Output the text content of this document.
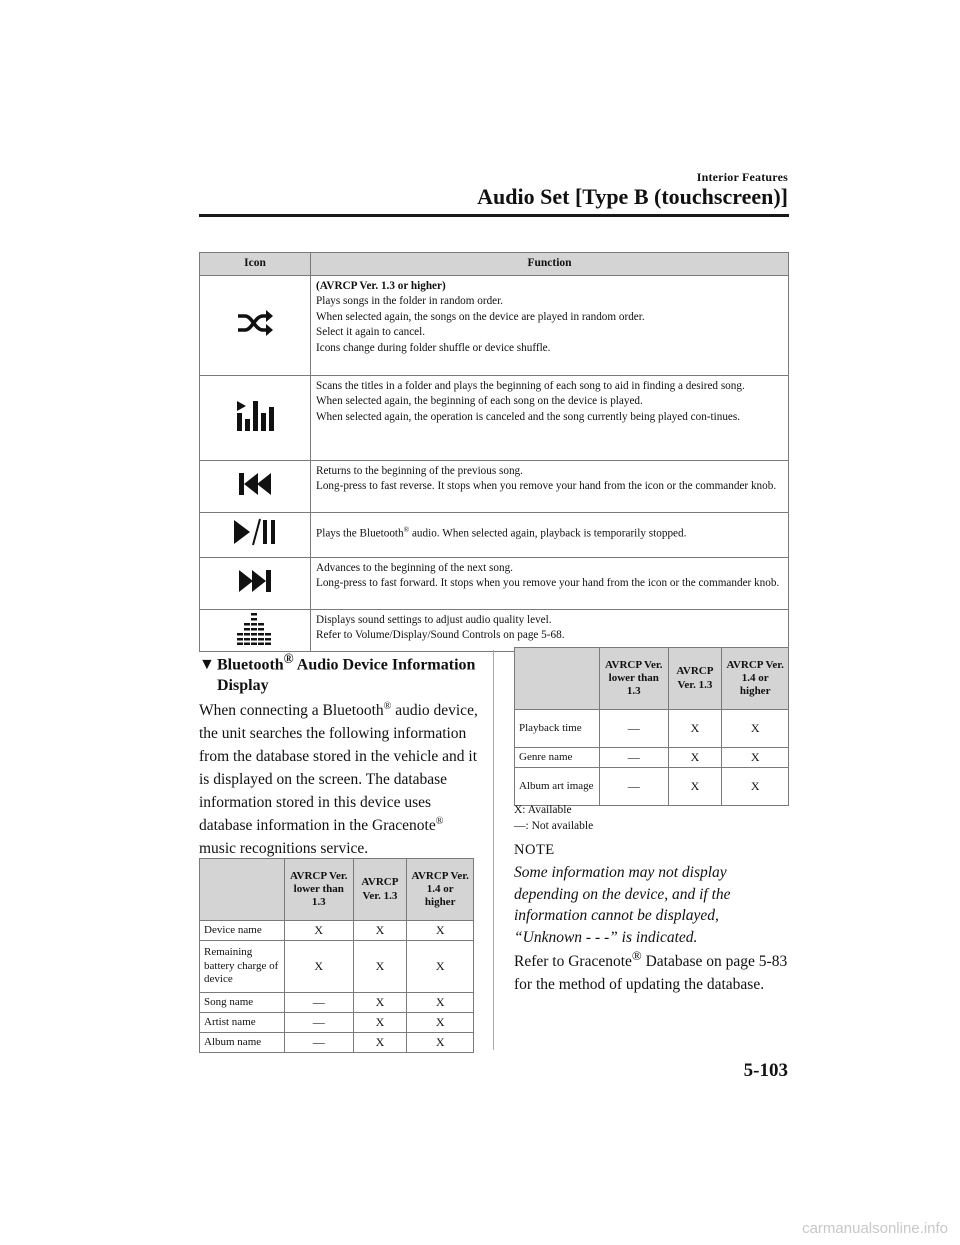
Interior Features
Audio Set [Type B (touchscreen)]
Icon	Function

(AVRCP Ver. 1.3 or higher)
Plays songs in the folder in random order.
When selected again, the songs on the device are played in random order.
Select it again to cancel.
Icons change during folder shuffle or device shuffle.

Scans the titles in a folder and plays the beginning of each song to aid in finding a desired song.
When selected again, the beginning of each song on the device is played.
When selected again, the operation is canceled and the song currently being played con-tinues.

Returns to the beginning of the previous song.
Long-press to fast reverse. It stops when you remove your hand from the icon or the commander knob.

	Plays the Bluetooth® audio. When selected again, playback is temporarily stopped.

Advances to the beginning of the next song.
Long-press to fast forward. It stops when you remove your hand from the icon or the commander knob.

Displays sound settings to adjust audio quality level.
Refer to Volume/Display/Sound Controls on page 5-68.
▼ Bluetooth® Audio Device Information Display

When connecting a Bluetooth® audio device, the unit searches the following information from the database stored in the vehicle and it is displayed on the screen. The database information stored in this device uses database information in the Gracenote® music recognitions service.

	AVRCP Ver. lower than 1.3	AVRCP Ver. 1.3	AVRCP Ver. 1.4 or higher
Device name	X	X	X
Remaining battery charge of device	X	X	X
Song name	—	X	X
Artist name	—	X	X
Album name	—	X	X
	AVRCP Ver. lower than 1.3	AVRCP Ver. 1.3	AVRCP Ver. 1.4 or higher
Playback time	—	X	X
Genre name	—	X	X
Album art image	—	X	X
X: Available
—: Not available
NOTE

Some information may not display depending on the device, and if the information cannot be displayed, “Unknown - - -” is indicated.

Refer to Gracenote® Database on page 5-83 for the method of updating the database.

5-103
carmanualsonline.info
